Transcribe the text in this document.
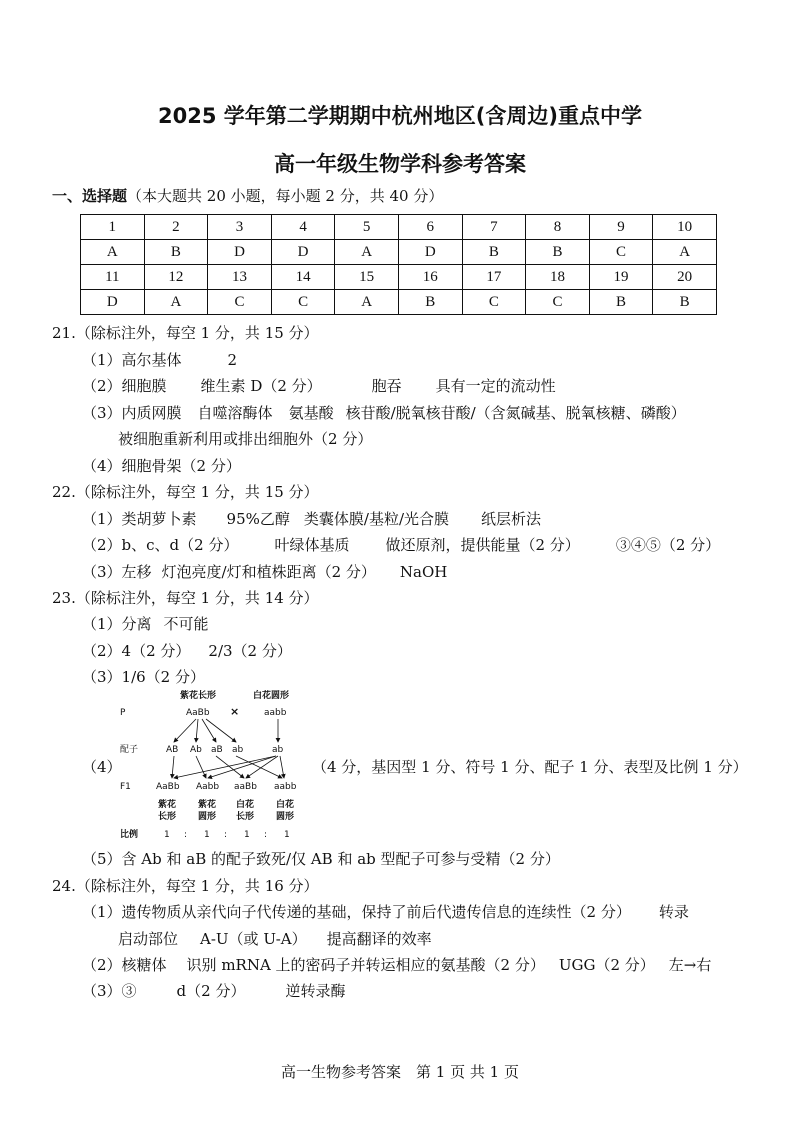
2025 学年第二学期期中杭州地区(含周边)重点中学
高一年级生物学科参考答案
一、选择题（本大题共 20 小题，每小题 2 分，共 40 分）
1	2	3	4	5	6	7	8	9	10
A	B	D	D	A	D	B	B	C	A
11	12	13	14	15	16	17	18	19	20
D	A	C	C	A	B	C	C	B	B
21.（除标注外，每空 1 分，共 15 分）
（1）高尔基体	2
（2）细胞膜 维生素 D（2 分）	胞吞 具有一定的流动性
（3）内质网膜 自噬溶酶体 氨基酸 核苷酸/脱氧核苷酸/（含氮碱基、脱氧核糖、磷酸）
被细胞重新利用或排出细胞外（2 分）
（4）细胞骨架（2 分）
22.（除标注外，每空 1 分，共 15 分）
（1）类胡萝卜素 95%乙醇 类囊体膜/基粒/光合膜 纸层析法
（2）b、c、d（2 分） 叶绿体基质 做还原剂，提供能量（2 分） ③④⑤（2 分）
（3）左移 灯泡亮度/灯和植株距离（2 分） NaOH
23.（除标注外，每空 1 分，共 14 分）
（1）分离 不可能
（2）4（2 分） 2/3（2 分）
（3）1/6（2 分）
（4）
紫花长形	白花圆形
P	AaBb ×	aabb
配子	AB Ab aB ab	ab
F1	AaBb Aabb aaBb aabb
紫花 紫花 白花 白花
长形 圆形 长形 圆形
比例	1 : 1 : 1 : 1
（4 分，基因型 1 分、符号 1 分、配子 1 分、表型及比例 1 分）
（5）含 Ab 和 aB 的配子致死/仅 AB 和 ab 型配子可参与受精（2 分）
24.（除标注外，每空 1 分，共 16 分）
（1）遗传物质从亲代向子代传递的基础，保持了前后代遗传信息的连续性（2 分） 转录
启动部位 A-U（或 U-A） 提高翻译的效率
（2）核糖体 识别 mRNA 上的密码子并转运相应的氨基酸（2 分） UGG（2 分） 左→右
（3）③	d（2 分）	逆转录酶
高一生物参考答案　第 1 页 共 1 页
